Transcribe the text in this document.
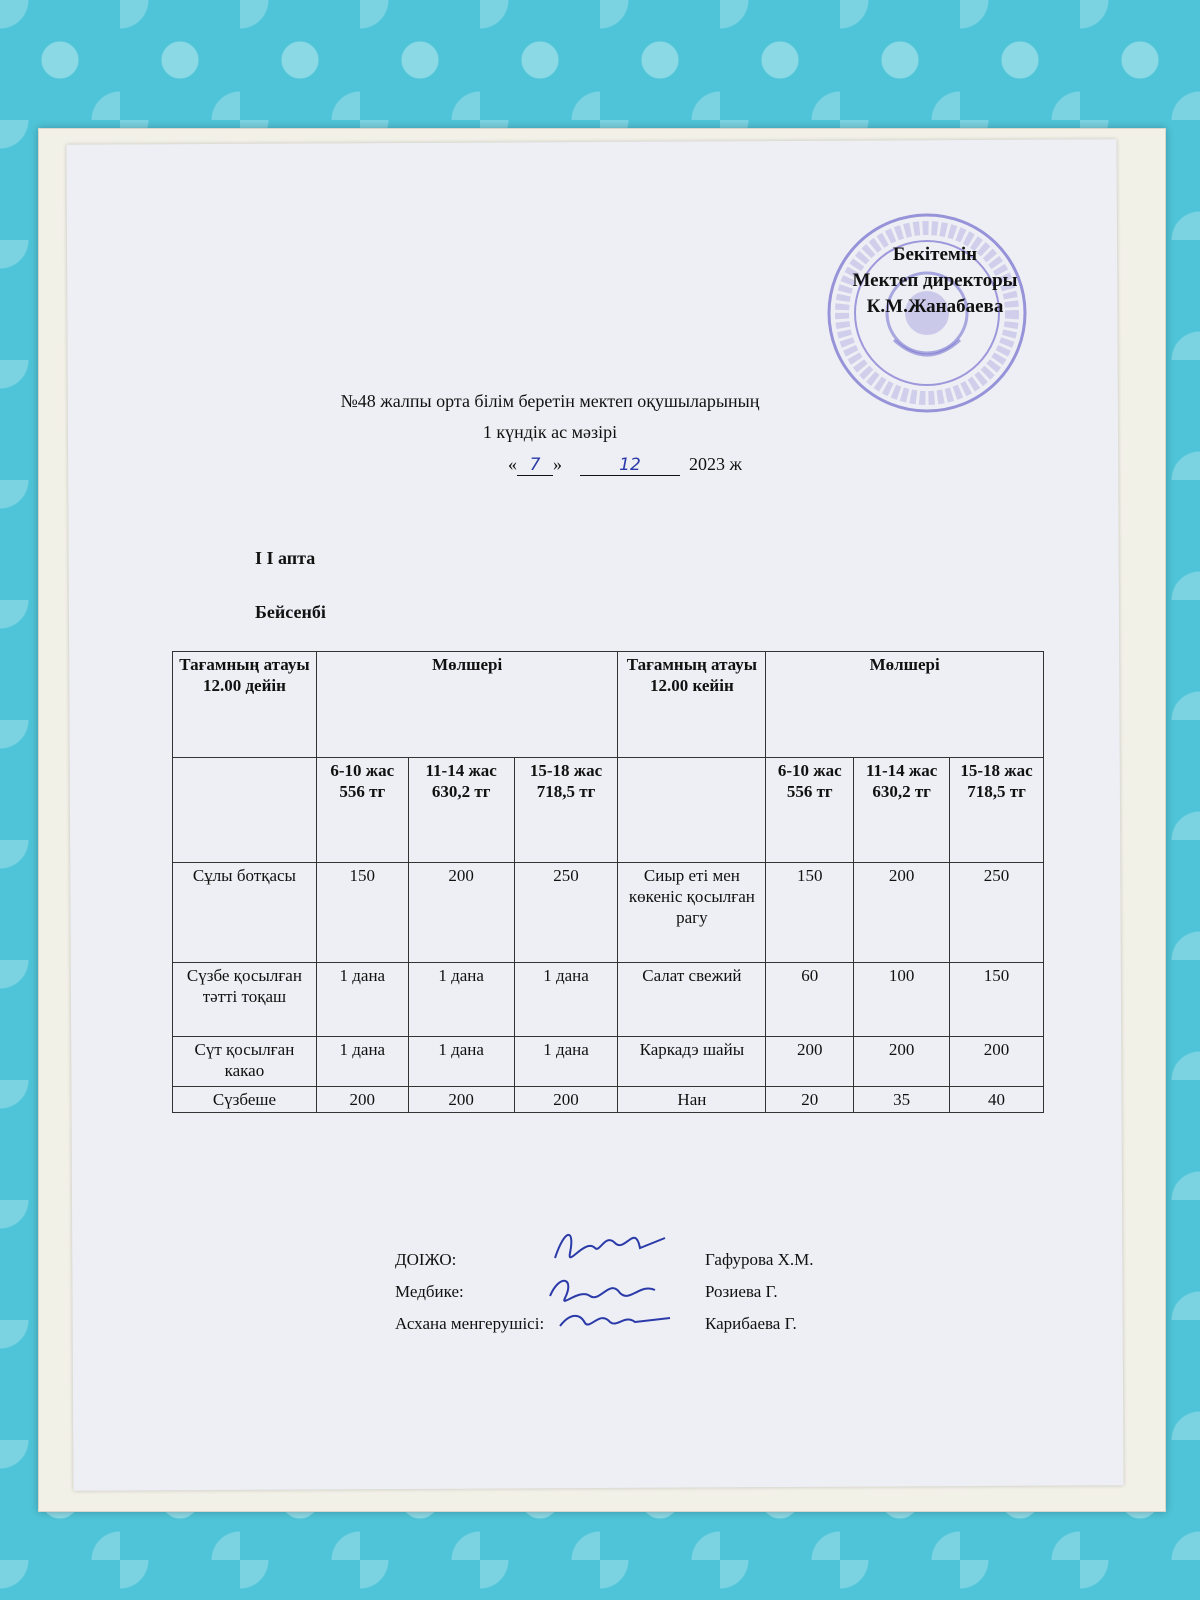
Бекітемін
Мектеп директоры
К.М.Жанабаева
№48 жалпы орта білім беретін мектеп оқушыларының
1 күндік ас мәзірі
« 7 »	12	2023 ж
I I апта
Бейсенбі
Тағамның атауы 12.00 дейін	Мөлшері			Тағамның атауы 12.00 кейін	Мөлшері		
	6-10 жас 556 тг	11-14 жас 630,2 тг	15-18 жас 718,5 тг		6-10 жас 556 тг	11-14 жас 630,2 тг	15-18 жас 718,5 тг
Сұлы ботқасы	150	200	250	Сиыр еті мен көкеніс қосылған рагу	150	200	250
Сүзбе қосылған тәтті тоқаш	1 дана	1 дана	1 дана	Салат свежий	60	100	150
Сүт қосылған какао	1 дана	1 дана	1 дана	Каркадэ шайы	200	200	200
Сүзбеше	200	200	200	Нан	20	35	40
ДОІЖО:	Гафурова Х.М.
Медбике:	Розиева Г.
Асхана менгерушісі:	Карибаева Г.
